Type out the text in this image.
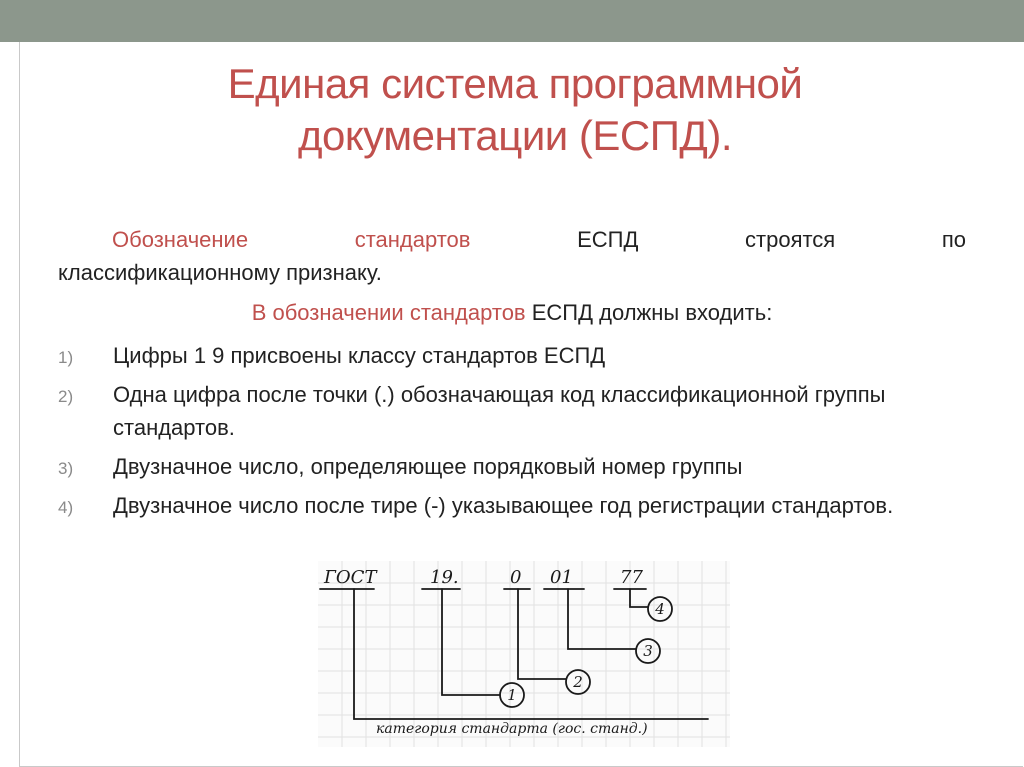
Единая система программной
документации (ЕСПД).
Обозначение	стандартов	ЕСПД	строятся	по
классификационному признаку.
В обозначении стандартов ЕСПД должны входить:
1) Цифры 1 9 присвоены классу стандартов ЕСПД
2) Одна цифра после точки (.) обозначающая код классификационной группы стандартов.
3) Двузначное число, определяющее порядковый номер группы
4) Двузначное число после тире (-) указывающее год регистрации стандартов.
ГОСТ	19.	0 01	77
1
2
3
4
категория стандарта (гос. станд.)
